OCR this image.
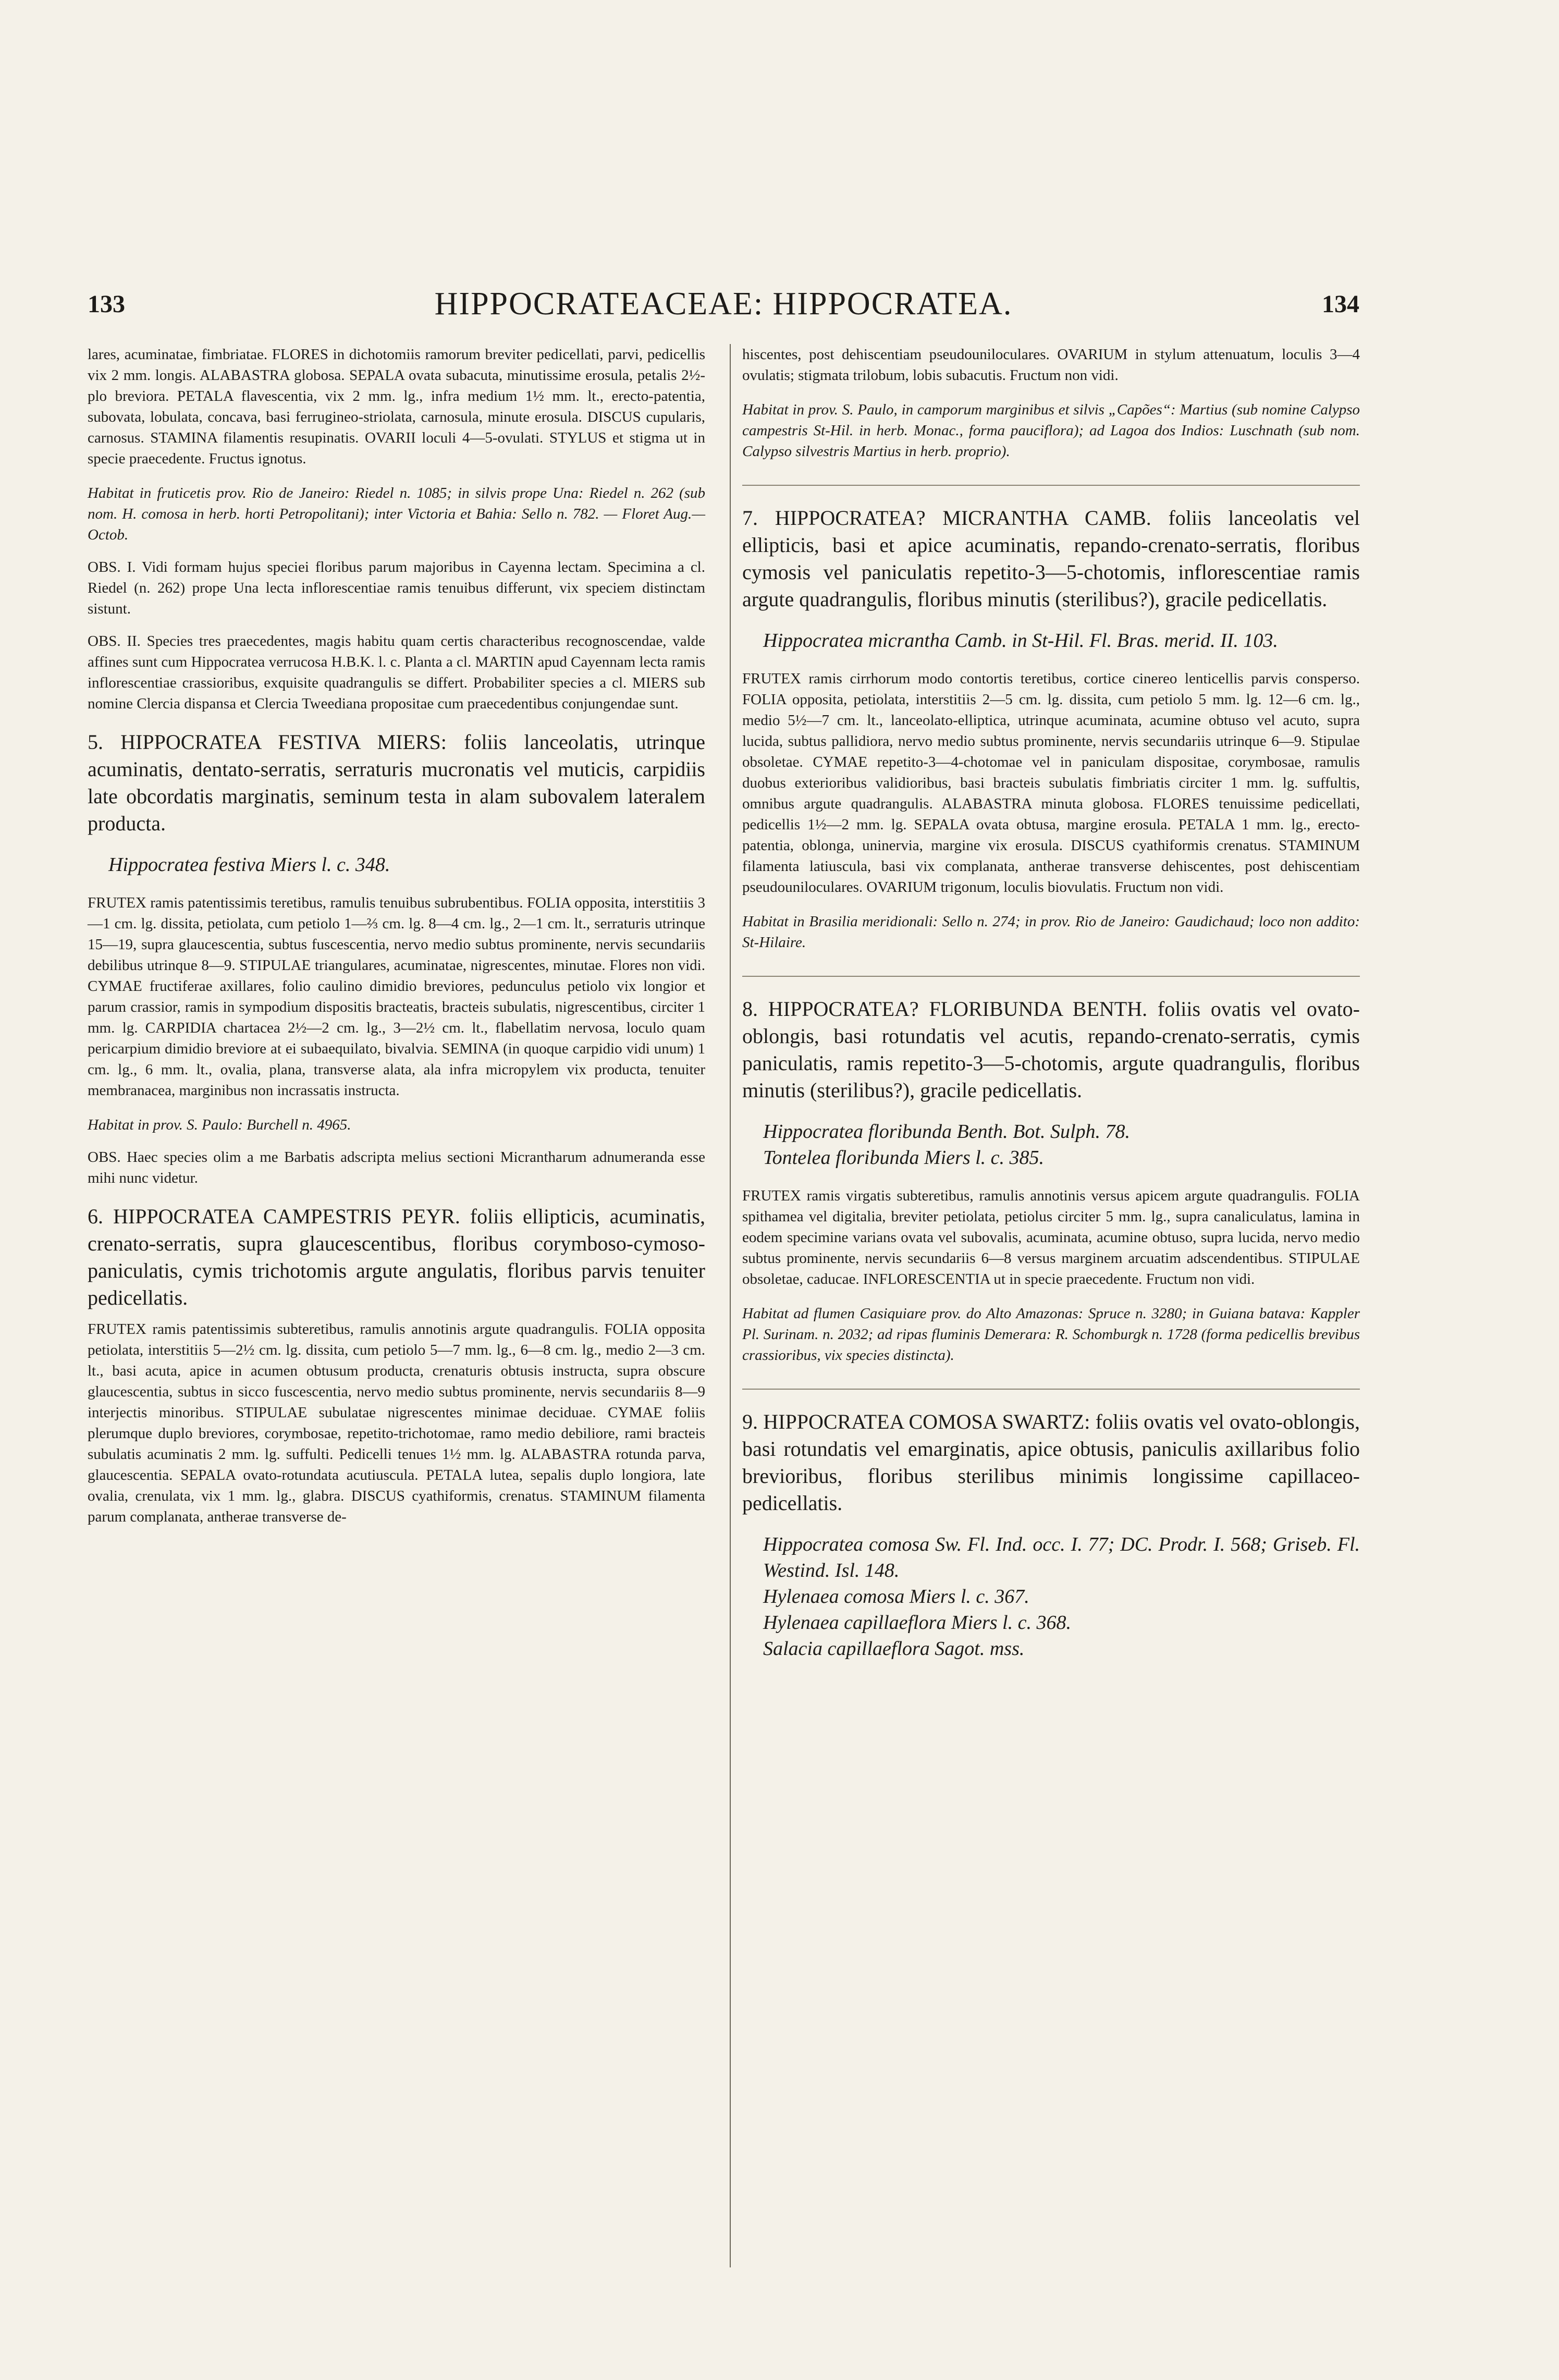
133	HIPPOCRATEACEAE: HIPPOCRATEA.	134

lares, acuminatae, fimbriatae. FLORES in dichotomiis ramorum breviter pedicellati, parvi, pedicellis vix 2 mm. longis. ALABASTRA globosa. SEPALA ovata subacuta, minutissime erosula, petalis 2½-plo breviora. PETALA flavescentia, vix 2 mm. lg., infra medium 1½ mm. lt., erecto-patentia, subovata, lobulata, concava, basi ferrugineo-striolata, carnosula, minute erosula. DISCUS cupularis, carnosus. STAMINA filamentis resupinatis. OVARII loculi 4—5-ovulati. STYLUS et stigma ut in specie praecedente. Fructus ignotus.

Habitat in fruticetis prov. Rio de Janeiro: Riedel n. 1085; in silvis prope Una: Riedel n. 262 (sub nom. H. comosa in herb. horti Petropolitani); inter Victoria et Bahia: Sello n. 782. — Floret Aug.—Octob.

OBS. I. Vidi formam hujus speciei floribus parum majoribus in Cayenna lectam. Specimina a cl. Riedel (n. 262) prope Una lecta inflorescentiae ramis tenuibus differunt, vix speciem distinctam sistunt.

OBS. II. Species tres praecedentes, magis habitu quam certis characteribus recognoscendae, valde affines sunt cum Hippocratea verrucosa H.B.K. l. c. Planta a cl. MARTIN apud Cayennam lecta ramis inflorescentiae crassioribus, exquisite quadrangulis se differt. Probabiliter species a cl. MIERS sub nomine Clercia dispansa et Clercia Tweediana propositae cum praecedentibus conjungendae sunt.

5. HIPPOCRATEA FESTIVA MIERS: foliis lanceolatis, utrinque acuminatis, dentato-serratis, serraturis mucronatis vel muticis, carpidiis late obcordatis marginatis, seminum testa in alam subovalem lateralem producta.

Hippocratea festiva Miers l. c. 348.

FRUTEX ramis patentissimis teretibus, ramulis tenuibus subrubentibus. FOLIA opposita, interstitiis 3—1 cm. lg. dissita, petiolata, cum petiolo 1—⅔ cm. lg. 8—4 cm. lg., 2—1 cm. lt., serraturis utrinque 15—19, supra glaucescentia, subtus fuscescentia, nervo medio subtus prominente, nervis secundariis debilibus utrinque 8—9. STIPULAE triangulares, acuminatae, nigrescentes, minutae. Flores non vidi. CYMAE fructiferae axillares, folio caulino dimidio breviores, pedunculus petiolo vix longior et parum crassior, ramis in sympodium dispositis bracteatis, bracteis subulatis, nigrescentibus, circiter 1 mm. lg. CARPIDIA chartacea 2½—2 cm. lg., 3—2½ cm. lt., flabellatim nervosa, loculo quam pericarpium dimidio breviore at ei subaequilato, bivalvia. SEMINA (in quoque carpidio vidi unum) 1 cm. lg., 6 mm. lt., ovalia, plana, transverse alata, ala infra micropylem vix producta, tenuiter membranacea, marginibus non incrassatis instructa.

Habitat in prov. S. Paulo: Burchell n. 4965.

OBS. Haec species olim a me Barbatis adscripta melius sectioni Micrantharum adnumeranda esse mihi nunc videtur.

6. HIPPOCRATEA CAMPESTRIS PEYR. foliis ellipticis, acuminatis, crenato-serratis, supra glaucescentibus, floribus corymboso-cymoso-paniculatis, cymis trichotomis argute angulatis, floribus parvis tenuiter pedicellatis.

FRUTEX ramis patentissimis subteretibus, ramulis annotinis argute quadrangulis. FOLIA opposita petiolata, interstitiis 5—2½ cm. lg. dissita, cum petiolo 5—7 mm. lg., 6—8 cm. lg., medio 2—3 cm. lt., basi acuta, apice in acumen obtusum producta, crenaturis obtusis instructa, supra obscure glaucescentia, subtus in sicco fuscescentia, nervo medio subtus prominente, nervis secundariis 8—9 interjectis minoribus. STIPULAE subulatae nigrescentes minimae deciduae. CYMAE foliis plerumque duplo breviores, corymbosae, repetito-trichotomae, ramo medio debiliore, rami bracteis subulatis acuminatis 2 mm. lg. suffulti. Pedicelli tenues 1½ mm. lg. ALABASTRA rotunda parva, glaucescentia. SEPALA ovato-rotundata acutiuscula. PETALA lutea, sepalis duplo longiora, late ovalia, crenulata, vix 1 mm. lg., glabra. DISCUS cyathiformis, crenatus. STAMINUM filamenta parum complanata, antherae transverse de-

hiscentes, post dehiscentiam pseudouniloculares. OVARIUM in stylum attenuatum, loculis 3—4 ovulatis; stigmata trilobum, lobis subacutis. Fructum non vidi.

Habitat in prov. S. Paulo, in camporum marginibus et silvis „Capões“: Martius (sub nomine Calypso campestris St-Hil. in herb. Monac., forma pauciflora); ad Lagoa dos Indios: Luschnath (sub nom. Calypso silvestris Martius in herb. proprio).

7. HIPPOCRATEA? MICRANTHA CAMB. foliis lanceolatis vel ellipticis, basi et apice acuminatis, repando-crenato-serratis, floribus cymosis vel paniculatis repetito-3—5-chotomis, inflorescentiae ramis argute quadrangulis, floribus minutis (sterilibus?), gracile pedicellatis.

Hippocratea micrantha Camb. in St-Hil. Fl. Bras. merid. II. 103.

FRUTEX ramis cirrhorum modo contortis teretibus, cortice cinereo lenticellis parvis consperso. FOLIA opposita, petiolata, interstitiis 2—5 cm. lg. dissita, cum petiolo 5 mm. lg. 12—6 cm. lg., medio 5½—7 cm. lt., lanceolato-elliptica, utrinque acuminata, acumine obtuso vel acuto, supra lucida, subtus pallidiora, nervo medio subtus prominente, nervis secundariis utrinque 6—9. Stipulae obsoletae. CYMAE repetito-3—4-chotomae vel in paniculam dispositae, corymbosae, ramulis duobus exterioribus validioribus, basi bracteis subulatis fimbriatis circiter 1 mm. lg. suffultis, omnibus argute quadrangulis. ALABASTRA minuta globosa. FLORES tenuissime pedicellati, pedicellis 1½—2 mm. lg. SEPALA ovata obtusa, margine erosula. PETALA 1 mm. lg., erecto-patentia, oblonga, uninervia, margine vix erosula. DISCUS cyathiformis crenatus. STAMINUM filamenta latiuscula, basi vix complanata, antherae transverse dehiscentes, post dehiscentiam pseudouniloculares. OVARIUM trigonum, loculis biovulatis. Fructum non vidi.

Habitat in Brasilia meridionali: Sello n. 274; in prov. Rio de Janeiro: Gaudichaud; loco non addito: St-Hilaire.

8. HIPPOCRATEA? FLORIBUNDA BENTH. foliis ovatis vel ovato-oblongis, basi rotundatis vel acutis, repando-crenato-serratis, cymis paniculatis, ramis repetito-3—5-chotomis, argute quadrangulis, floribus minutis (sterilibus?), gracile pedicellatis.

Hippocratea floribunda Benth. Bot. Sulph. 78.

Tontelea floribunda Miers l. c. 385.

FRUTEX ramis virgatis subteretibus, ramulis annotinis versus apicem argute quadrangulis. FOLIA spithamea vel digitalia, breviter petiolata, petiolus circiter 5 mm. lg., supra canaliculatus, lamina in eodem specimine varians ovata vel subovalis, acuminata, acumine obtuso, supra lucida, nervo medio subtus prominente, nervis secundariis 6—8 versus marginem arcuatim adscendentibus. STIPULAE obsoletae, caducae. INFLORESCENTIA ut in specie praecedente. Fructum non vidi.

Habitat ad flumen Casiquiare prov. do Alto Amazonas: Spruce n. 3280; in Guiana batava: Kappler Pl. Surinam. n. 2032; ad ripas fluminis Demerara: R. Schomburgk n. 1728 (forma pedicellis brevibus crassioribus, vix species distincta).

9. HIPPOCRATEA COMOSA SWARTZ: foliis ovatis vel ovato-oblongis, basi rotundatis vel emarginatis, apice obtusis, paniculis axillaribus folio brevioribus, floribus sterilibus minimis longissime capillaceo-pedicellatis.

Hippocratea comosa Sw. Fl. Ind. occ. I. 77; DC. Prodr. I. 568; Griseb. Fl. Westind. Isl. 148.

Hylenaea comosa Miers l. c. 367.

Hylenaea capillaeflora Miers l. c. 368.

Salacia capillaeflora Sagot. mss.
